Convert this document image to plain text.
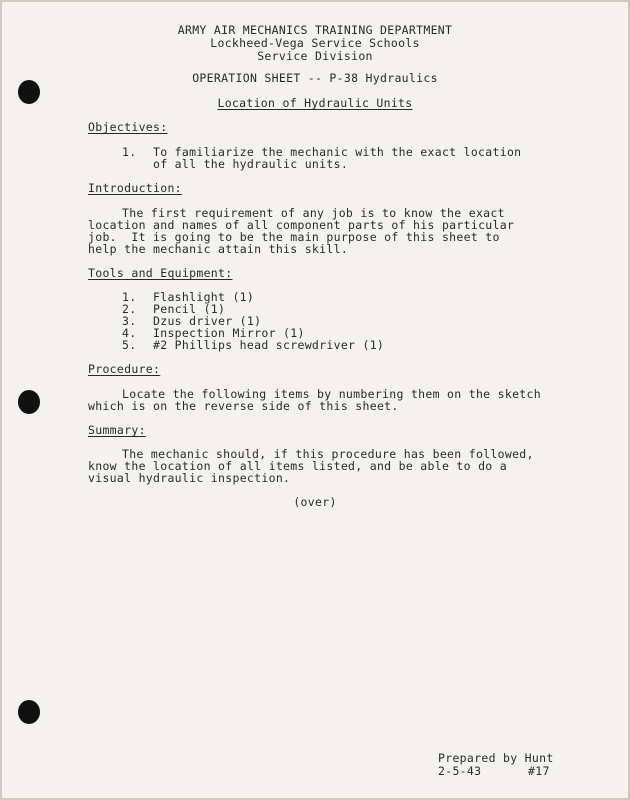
ARMY AIR MECHANICS TRAINING DEPARTMENT
Lockheed-Vega Service Schools
Service Division
OPERATION SHEET -- P-38 Hydraulics
Location of Hydraulic Units
Objectives:
1. To familiarize the mechanic with the exact location
of all the hydraulic units.
Introduction:
The first requirement of any job is to know the exact
location and names of all component parts of his particular
job.  It is going to be the main purpose of this sheet to
help the mechanic attain this skill.
Tools and Equipment:
1. Flashlight (1)
2. Pencil (1)
3. Dzus driver (1)
4. Inspection Mirror (1)
5. #2 Phillips head screwdriver (1)
Procedure:
Locate the following items by numbering them on the sketch
which is on the reverse side of this sheet.
Summary:
The mechanic should, if this procedure has been followed,
know the location of all items listed, and be able to do a
visual hydraulic inspection.
(over)
Prepared by Hunt
2-5-43	#17
